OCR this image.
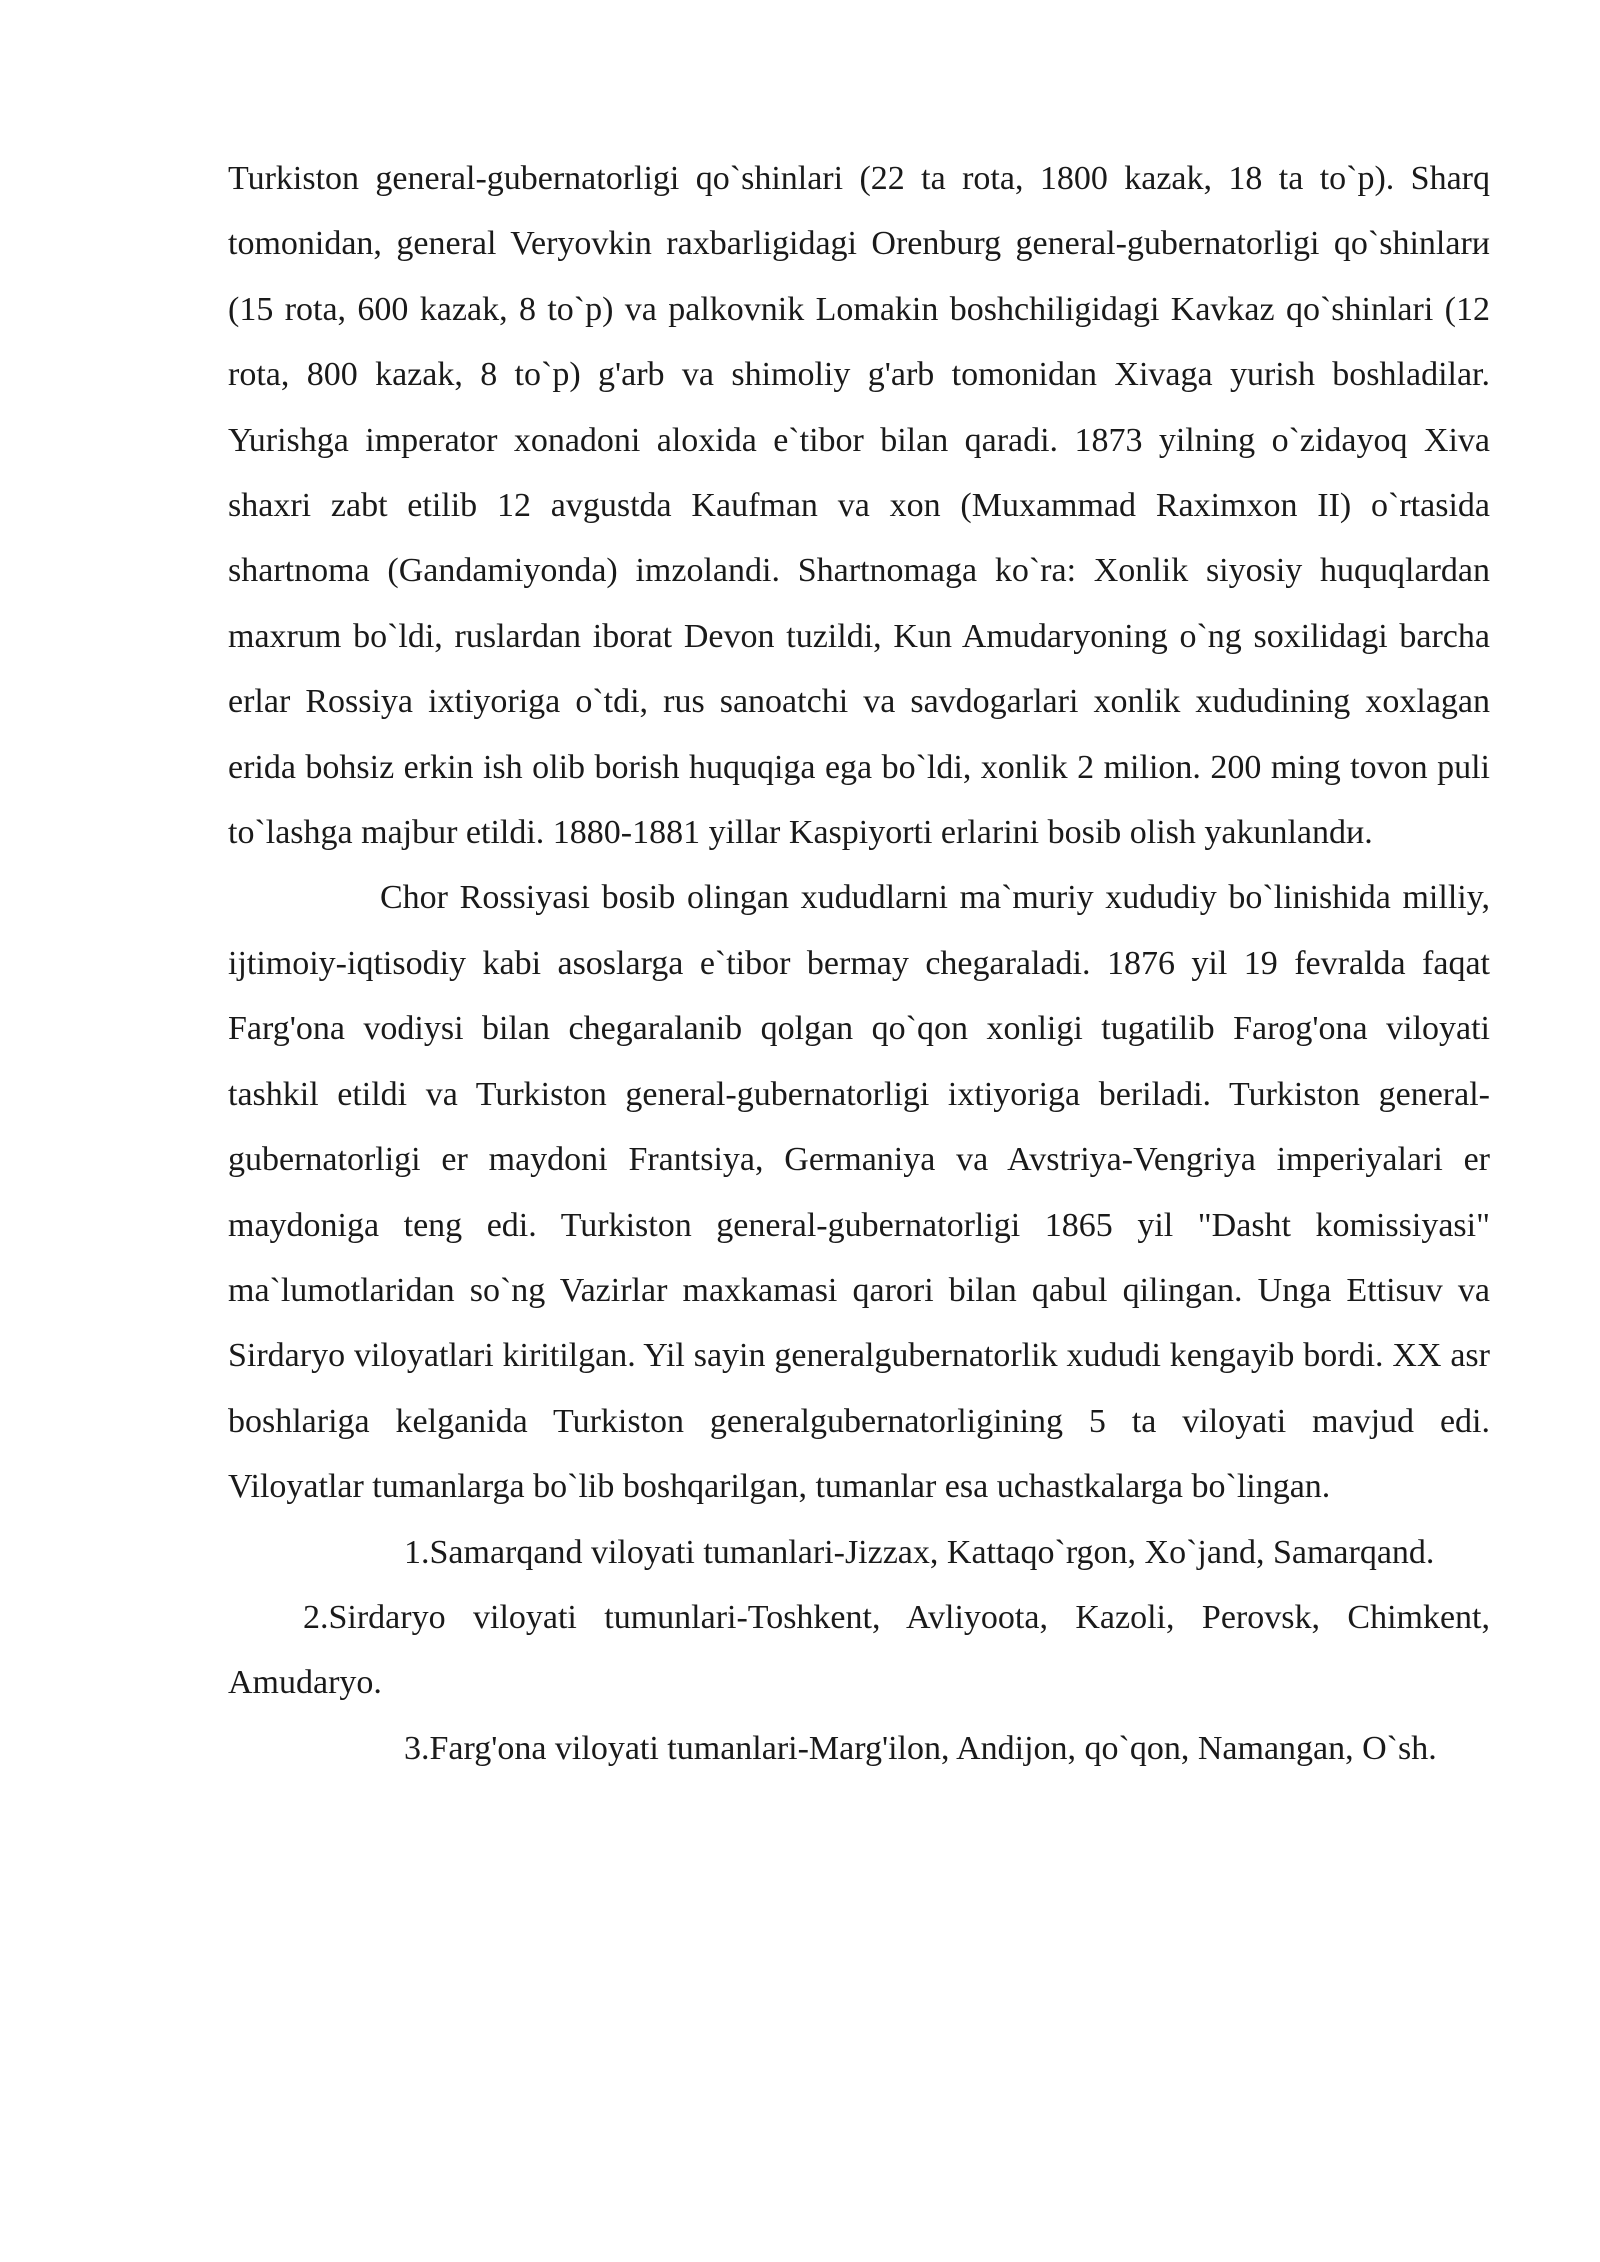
Turkiston general-gubernatorligi qo`shinlari (22 ta rota, 1800 kazak, 18 ta to`p). Sharq tomonidan, general Veryovkin raxbarligidagi Orenburg general-gubernatorligi qo`shinlarи (15 rota, 600 kazak, 8 to`p) va palkovnik Lomakin boshchiligidagi Kavkaz qo`shinlari (12 rota, 800 kazak, 8 to`p) g'arb va shimoliy g'arb tomonidan Xivaga yurish boshladilar. Yurishga imperator xonadoni aloxida e`tibor bilan qaradi. 1873 yilning o`zidayoq Xiva shaxri zabt etilib 12 avgustda Kaufman va xon (Muxammad Raximxon II) o`rtasida shartnoma (Gandamiyonda) imzolandi. Shartnomaga ko`ra: Xonlik siyosiy huquqlardan maxrum bo`ldi, ruslardan iborat Devon tuzildi, Kun Amudaryoning o`ng soxilidagi barcha erlar Rossiya ixtiyoriga o`tdi, rus sanoatchi va savdogarlari xonlik xududining xoxlagan erida bohsiz erkin ish olib borish huquqiga ega bo`ldi, xonlik 2 milion. 200 ming tovon puli to`lashga majbur etildi. 1880-1881 yillar Kaspiyorti erlarini bosib olish yakunlandи.

Chor Rossiyasi bosib olingan xududlarni ma`muriy xududiy bo`linishida milliy, ijtimoiy-iqtisodiy kabi asoslarga e`tibor bermay chegaraladi. 1876 yil 19 fevralda faqat Farg'ona vodiysi bilan chegaralanib qolgan qo`qon xonligi tugatilib Farog'ona viloyati tashkil etildi va Turkiston general-gubernatorligi ixtiyoriga beriladi. Turkiston general-gubernatorligi er maydoni Frantsiya, Germaniya va Avstriya-Vengriya imperiyalari er maydoniga teng edi. Turkiston general-gubernatorligi 1865 yil "Dasht komissiyasi" ma`lumotlaridan so`ng Vazirlar maxkamasi qarori bilan qabul qilingan. Unga Ettisuv va Sirdaryo viloyatlari kiritilgan. Yil sayin generalgubernatorlik xududi kengayib bordi. XX asr boshlariga kelganida Turkiston generalgubernatorligining 5 ta viloyati mavjud edi. Viloyatlar tumanlarga bo`lib boshqarilgan, tumanlar esa uchastkalarga bo`lingan.

1.Samarqand viloyati tumanlari-Jizzax, Kattaqo`rgon, Xo`jand, Samarqand.

2.Sirdaryo viloyati tumunlari-Toshkent, Avliyoota, Kazoli, Perovsk, Chimkent, Amudaryo.

3.Farg'ona viloyati tumanlari-Marg'ilon, Andijon, qo`qon, Namangan, O`sh.
